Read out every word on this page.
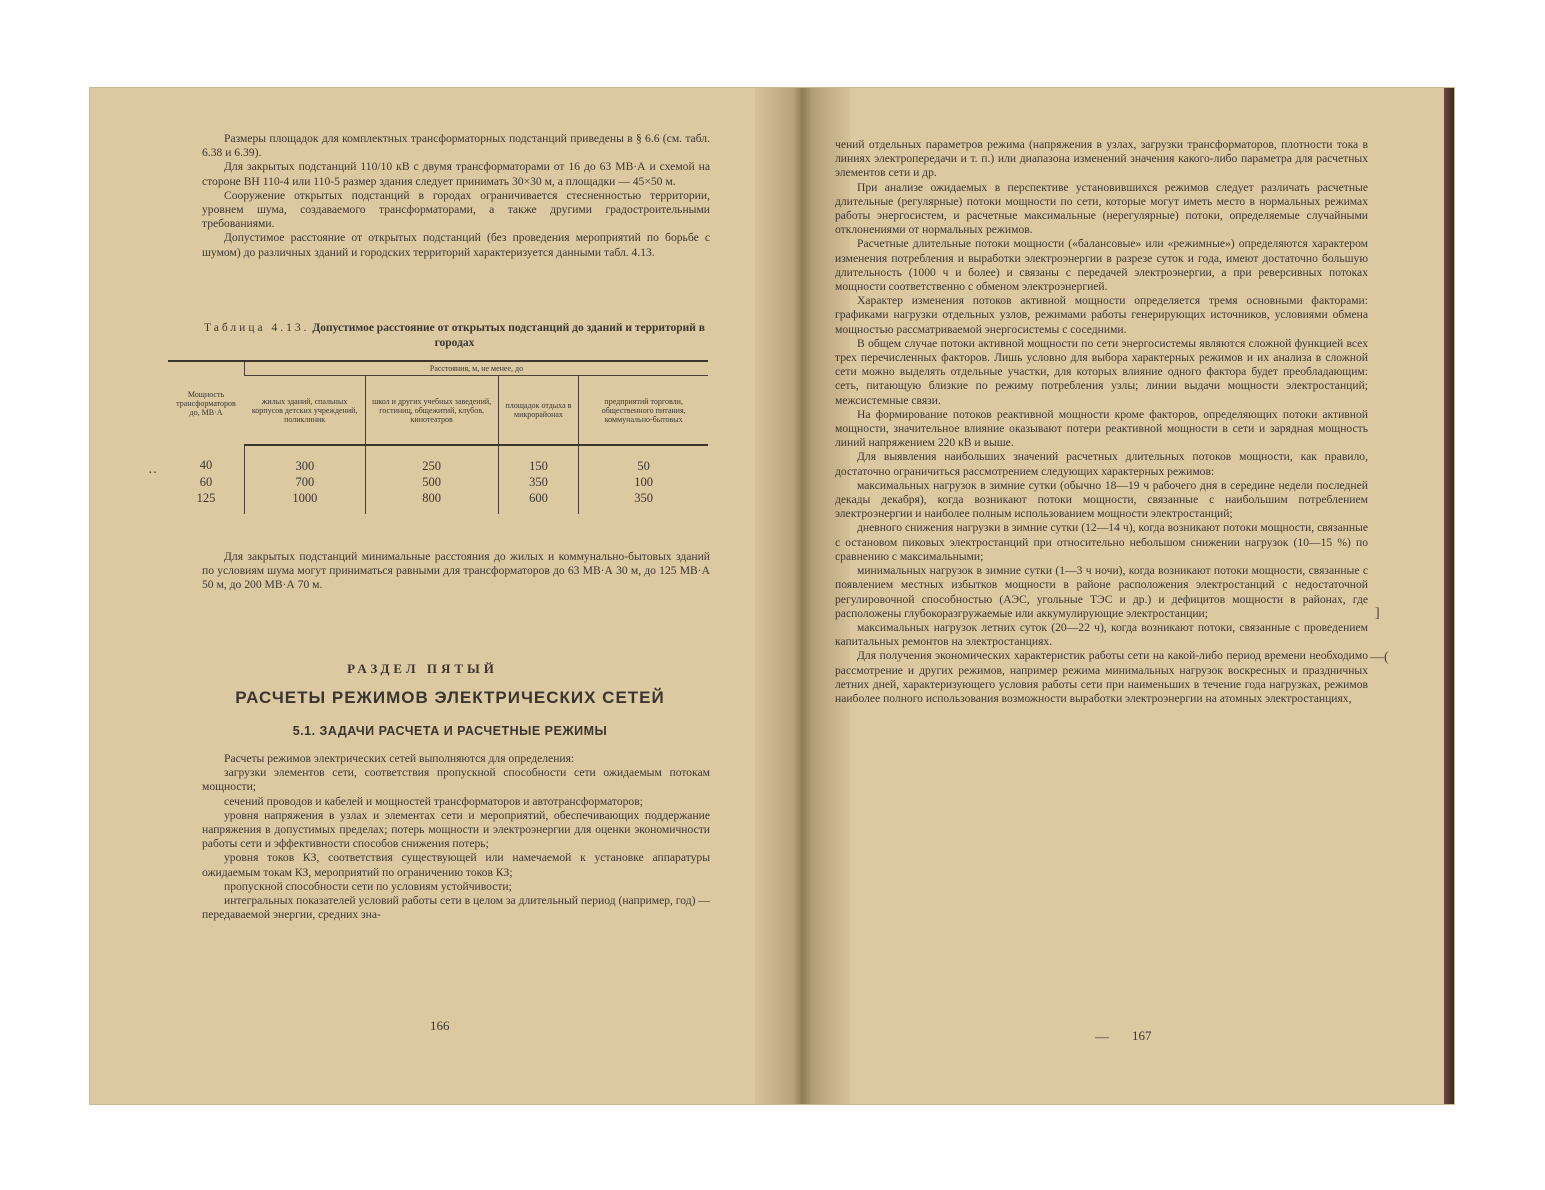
Размеры площадок для комплектных трансформаторных подстанций приведены в § 6.6 (см. табл. 6.38 и 6.39).

Для закрытых подстанций 110/10 кВ с двумя трансформаторами от 16 до 63 МВ·А и схемой на стороне ВН 110-4 или 110-5 размер здания следует принимать 30×30 м, а площадки — 45×50 м.

Сооружение открытых подстанций в городах ограничивается стесненностью территории, уровнем шума, создаваемого трансформаторами, а также другими градостроительными требованиями.

Допустимое расстояние от открытых подстанций (без проведения мероприятий по борьбе с шумом) до различных зданий и городских территорий характеризуется данными табл. 4.13.

Таблица 4.13. Допустимое расстояние от открытых подстанций до зданий и территорий в городах
Мощность трансформаторов до, МВ·А	Расстояния, м, не менее, до			
	жилых зданий, спальных корпусов детских учреждений, поликлиник	школ и других учебных заведений, гостиниц, общежитий, клубов, кинотеатров	площадок отдыха в микрорайонах	предприятий торговли, общественного питания, коммунально-бытовых
40	300	250	150	50
60	700	500	350	100
125	1000	800	600	350
··

Для закрытых подстанций минимальные расстояния до жилых и коммунально-бытовых зданий по условиям шума могут приниматься равными для трансформаторов до 63 МВ·А 30 м, до 125 МВ·А 50 м, до 200 МВ·А 70 м.

РАЗДЕЛ ПЯТЫЙ
РАСЧЕТЫ РЕЖИМОВ ЭЛЕКТРИЧЕСКИХ СЕТЕЙ
5.1. ЗАДАЧИ РАСЧЕТА И РАСЧЕТНЫЕ РЕЖИМЫ

Расчеты режимов электрических сетей выполняются для определения:

загрузки элементов сети, соответствия пропускной способности сети ожидаемым потокам мощности;

сечений проводов и кабелей и мощностей трансформаторов и автотрансформаторов;

уровня напряжения в узлах и элементах сети и мероприятий, обеспечивающих поддержание напряжения в допустимых пределах; потерь мощности и электроэнергии для оценки экономичности работы сети и эффективности способов снижения потерь;

уровня токов КЗ, соответствия существующей или намечаемой к установке аппаратуры ожидаемым токам КЗ, мероприятий по ограничению токов КЗ;

пропускной способности сети по условиям устойчивости;

интегральных показателей условий работы сети в целом за длительный период (например, год) — передаваемой энергии, средних зна-

166

чений отдельных параметров режима (напряжения в узлах, загрузки трансформаторов, плотности тока в линиях электропередачи и т. п.) или диапазона изменений значения какого-либо параметра для расчетных элементов сети и др.

При анализе ожидаемых в перспективе установившихся режимов следует различать расчетные длительные (регулярные) потоки мощности по сети, которые могут иметь место в нормальных режимах работы энергосистем, и расчетные максимальные (нерегулярные) потоки, определяемые случайными отклонениями от нормальных режимов.

Расчетные длительные потоки мощности («балансовые» или «режимные») определяются характером изменения потребления и выработки электроэнергии в разрезе суток и года, имеют достаточно большую длительность (1000 ч и более) и связаны с передачей электроэнергии, а при реверсивных потоках мощности соответственно с обменом электроэнергией.

Характер изменения потоков активной мощности определяется тремя основными факторами: графиками нагрузки отдельных узлов, режимами работы генерирующих источников, условиями обмена мощностью рассматриваемой энергосистемы с соседними.

В общем случае потоки активной мощности по сети энергосистемы являются сложной функцией всех трех перечисленных факторов. Лишь условно для выбора характерных режимов и их анализа в сложной сети можно выделять отдельные участки, для которых влияние одного фактора будет преобладающим: сеть, питающую близкие по режиму потребления узлы; линии выдачи мощности электростанций; межсистемные связи.

На формирование потоков реактивной мощности кроме факторов, определяющих потоки активной мощности, значительное влияние оказывают потери реактивной мощности в сети и зарядная мощность линий напряжением 220 кВ и выше.

Для выявления наибольших значений расчетных длительных потоков мощности, как правило, достаточно ограничиться рассмотрением следующих характерных режимов:

максимальных нагрузок в зимние сутки (обычно 18—19 ч рабочего дня в середине недели последней декады декабря), когда возникают потоки мощности, связанные с наибольшим потреблением электроэнергии и наиболее полным использованием мощности электростанций;

дневного снижения нагрузки в зимние сутки (12—14 ч), когда возникают потоки мощности, связанные с остановом пиковых электростанций при относительно небольшом снижении нагрузок (10—15 %) по сравнению с максимальными;

минимальных нагрузок в зимние сутки (1—3 ч ночи), когда возникают потоки мощности, связанные с появлением местных избытков мощности в районе расположения электростанций с недостаточной регулировочной способностью (АЭС, угольные ТЭС и др.) и дефицитов мощности в районах, где расположены глубокоразгружаемые или аккумулирующие электростанции;

максимальных нагрузок летних суток (20—22 ч), когда возникают потоки, связанные с проведением капитальных ремонтов на электростанциях.

Для получения экономических характеристик работы сети на какой-либо период времени необходимо рассмотрение и других режимов, например режима минимальных нагрузок воскресных и праздничных летних дней, характеризующего условия работы сети при наименьших в течение года нагрузках, режимов наиболее полного использования возможности выработки электроэнергии на атомных электростанциях,

]
—(
— 167
